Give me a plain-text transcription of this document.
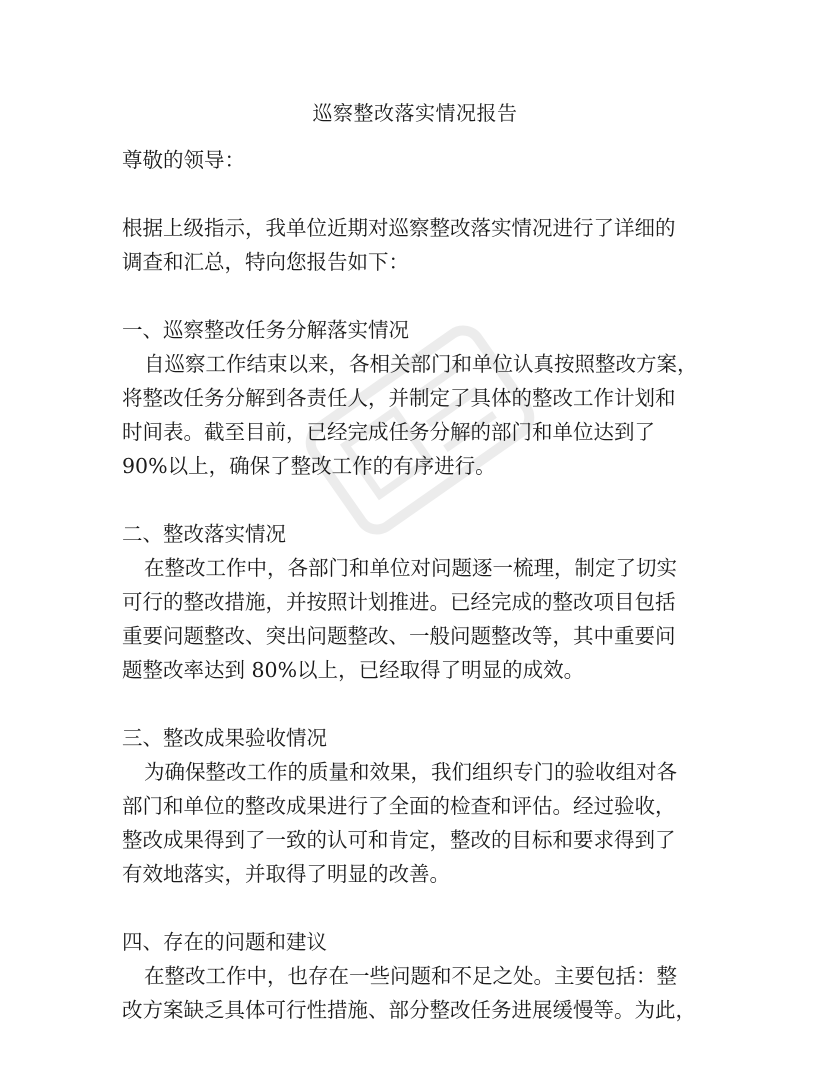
巡察整改落实情况报告
尊敬的领导：
根据上级指示，我单位近期对巡察整改落实情况进行了详细的
调查和汇总，特向您报告如下：
一、巡察整改任务分解落实情况
自巡察工作结束以来，各相关部门和单位认真按照整改方案，
将整改任务分解到各责任人，并制定了具体的整改工作计划和
时间表。截至目前，已经完成任务分解的部门和单位达到了
90%以上，确保了整改工作的有序进行。
二、整改落实情况
在整改工作中，各部门和单位对问题逐一梳理，制定了切实
可行的整改措施，并按照计划推进。已经完成的整改项目包括
重要问题整改、突出问题整改、一般问题整改等，其中重要问
题整改率达到 80%以上，已经取得了明显的成效。
三、整改成果验收情况
为确保整改工作的质量和效果，我们组织专门的验收组对各
部门和单位的整改成果进行了全面的检查和评估。经过验收，
整改成果得到了一致的认可和肯定，整改的目标和要求得到了
有效地落实，并取得了明显的改善。
四、存在的问题和建议
在整改工作中，也存在一些问题和不足之处。主要包括：整
改方案缺乏具体可行性措施、部分整改任务进展缓慢等。为此，
